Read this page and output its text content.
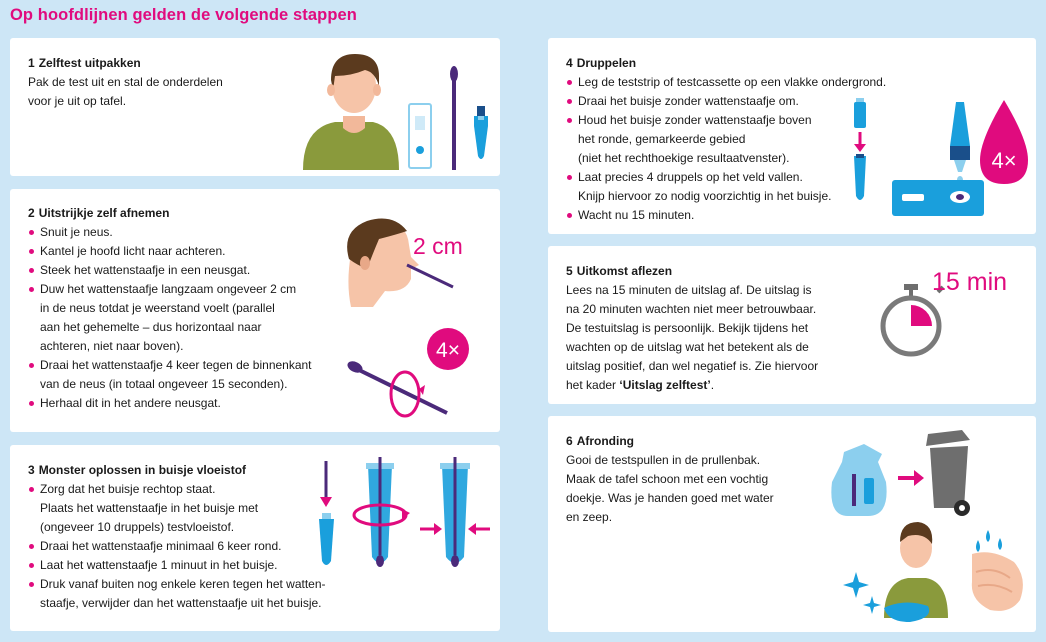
Op hoofdlijnen gelden de volgende stappen
1 Zelftest uitpakken
Pak de test uit en stal de onderdelen
voor je uit op tafel.
2 Uitstrijkje zelf afnemen
Snuit je neus.
Kantel je hoofd licht naar achteren.
Steek het wattenstaafje in een neusgat.
Duw het wattenstaafje langzaam ongeveer 2 cm
in de neus totdat je weerstand voelt (parallel
aan het gehemelte – dus horizontaal naar
achteren, niet naar boven).
Draai het wattenstaafje 4 keer tegen de binnenkant
van de neus (in totaal ongeveer 15 seconden).
Herhaal dit in het andere neusgat.
2 cm
4×
3 Monster oplossen in buisje vloeistof
Zorg dat het buisje rechtop staat.
Plaats het wattenstaafje in het buisje met
(ongeveer 10 druppels) testvloeistof.
Draai het wattenstaafje minimaal 6 keer rond.
Laat het wattenstaafje 1 minuut in het buisje.
Druk vanaf buiten nog enkele keren tegen het watten-
staafje, verwijder dan het wattenstaafje uit het buisje.
4 Druppelen
Leg de teststrip of testcassette op een vlakke ondergrond.
Draai het buisje zonder wattenstaafje om.
Houd het buisje zonder wattenstaafje boven
het ronde, gemarkeerde gebied
(niet het rechthoekige resultaatvenster).
Laat precies 4 druppels op het veld vallen.
Knijp hiervoor zo nodig voorzichtig in het buisje.
Wacht nu 15 minuten.
4×
5 Uitkomst aflezen
Lees na 15 minuten de uitslag af. De uitslag is
na 20 minuten wachten niet meer betrouwbaar.
De testuitslag is persoonlijk. Bekijk tijdens het
wachten op de uitslag wat het betekent als de
uitslag positief, dan wel negatief is. Zie hiervoor
het kader ‘Uitslag zelftest’.
15 min
6 Afronding
Gooi de testspullen in de prullenbak.
Maak de tafel schoon met een vochtig
doekje. Was je handen goed met water
en zeep.
